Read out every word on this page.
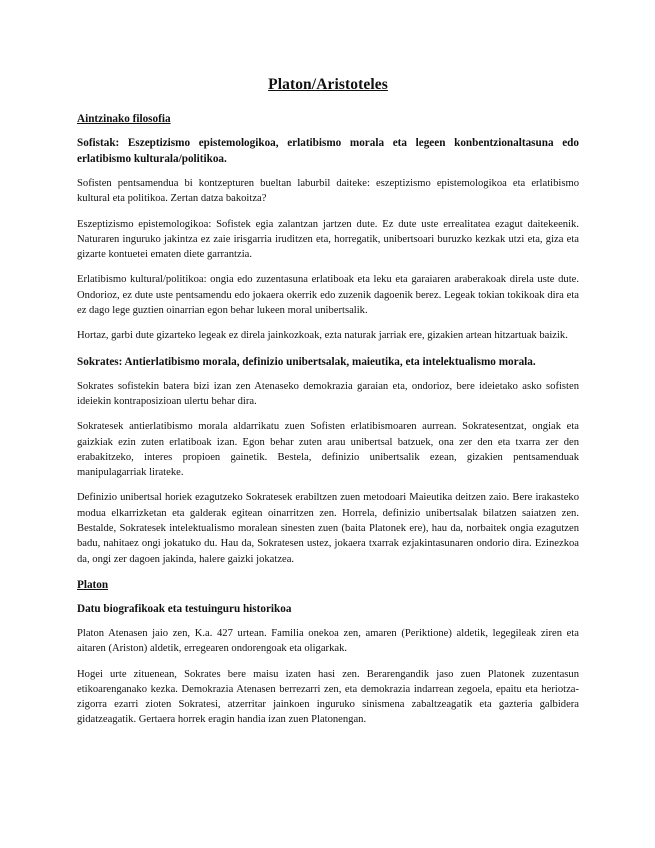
Platon/Aristoteles
Aintzinako filosofia
Sofistak: Eszeptizismo epistemologikoa, erlatibismo morala eta legeen konbentzionaltasuna edo erlatibismo kulturala/politikoa.

Sofisten pentsamendua bi kontzepturen bueltan laburbil daiteke: eszeptizismo epistemologikoa eta erlatibismo kultural eta politikoa. Zertan datza bakoitza?

Eszeptizismo epistemologikoa: Sofistek egia zalantzan jartzen dute. Ez dute uste errealitatea ezagut daitekeenik. Naturaren inguruko jakintza ez zaie irisgarria iruditzen eta, horregatik, unibertsoari buruzko kezkak utzi eta, giza eta gizarte kontuetei ematen diete garrantzia.

Erlatibismo kultural/politikoa: ongia edo zuzentasuna erlatiboak eta leku eta garaiaren araberakoak direla uste dute. Ondorioz, ez dute uste pentsamendu edo jokaera okerrik edo zuzenik dagoenik berez. Legeak tokian tokikoak dira eta ez dago lege guztien oinarrian egon behar lukeen moral unibertsalik.

Hortaz, garbi dute gizarteko legeak ez direla jainkozkoak, ezta naturak jarriak ere, gizakien artean hitzartuak baizik.

Sokrates: Antierlatibismo morala, definizio unibertsalak, maieutika, eta intelektualismo morala.

Sokrates sofistekin batera bizi izan zen Atenaseko demokrazia garaian eta, ondorioz, bere ideietako asko sofisten ideiekin kontraposizioan ulertu behar dira.

Sokratesek antierlatibismo morala aldarrikatu zuen Sofisten erlatibismoaren aurrean. Sokratesentzat, ongiak eta gaizkiak ezin zuten erlatiboak izan. Egon behar zuten arau unibertsal batzuek, ona zer den eta txarra zer den erabakitzeko, interes propioen gainetik. Bestela, definizio unibertsalik ezean, gizakien pentsamenduak manipulagarriak lirateke.

Definizio unibertsal horiek ezagutzeko Sokratesek erabiltzen zuen metodoari Maieutika deitzen zaio. Bere irakasteko modua elkarrizketan eta galderak egitean oinarritzen zen. Horrela, definizio unibertsalak bilatzen saiatzen zen. Bestalde, Sokratesek intelektualismo moralean sinesten zuen (baita Platonek ere), hau da, norbaitek ongia ezagutzen badu, nahitaez ongi jokatuko du. Hau da, Sokratesen ustez, jokaera txarrak ezjakintasunaren ondorio dira. Ezinezkoa da, ongi zer dagoen jakinda, halere gaizki jokatzea.

Platon
Datu biografikoak eta testuinguru historikoa

Platon Atenasen jaio zen, K.a. 427 urtean. Familia onekoa zen, amaren (Periktione) aldetik, legegileak ziren eta aitaren (Ariston) aldetik, erregearen ondorengoak eta oligarkak.

Hogei urte zituenean, Sokrates bere maisu izaten hasi zen. Berarengandik jaso zuen Platonek zuzentasun etikoarenganako kezka. Demokrazia Atenasen berrezarri zen, eta demokrazia indarrean zegoela, epaitu eta heriotza-zigorra ezarri zioten Sokratesi, atzerritar jainkoen inguruko sinismena zabaltzeagatik eta gazteria galbidera gidatzeagatik. Gertaera horrek eragin handia izan zuen Platonengan.
